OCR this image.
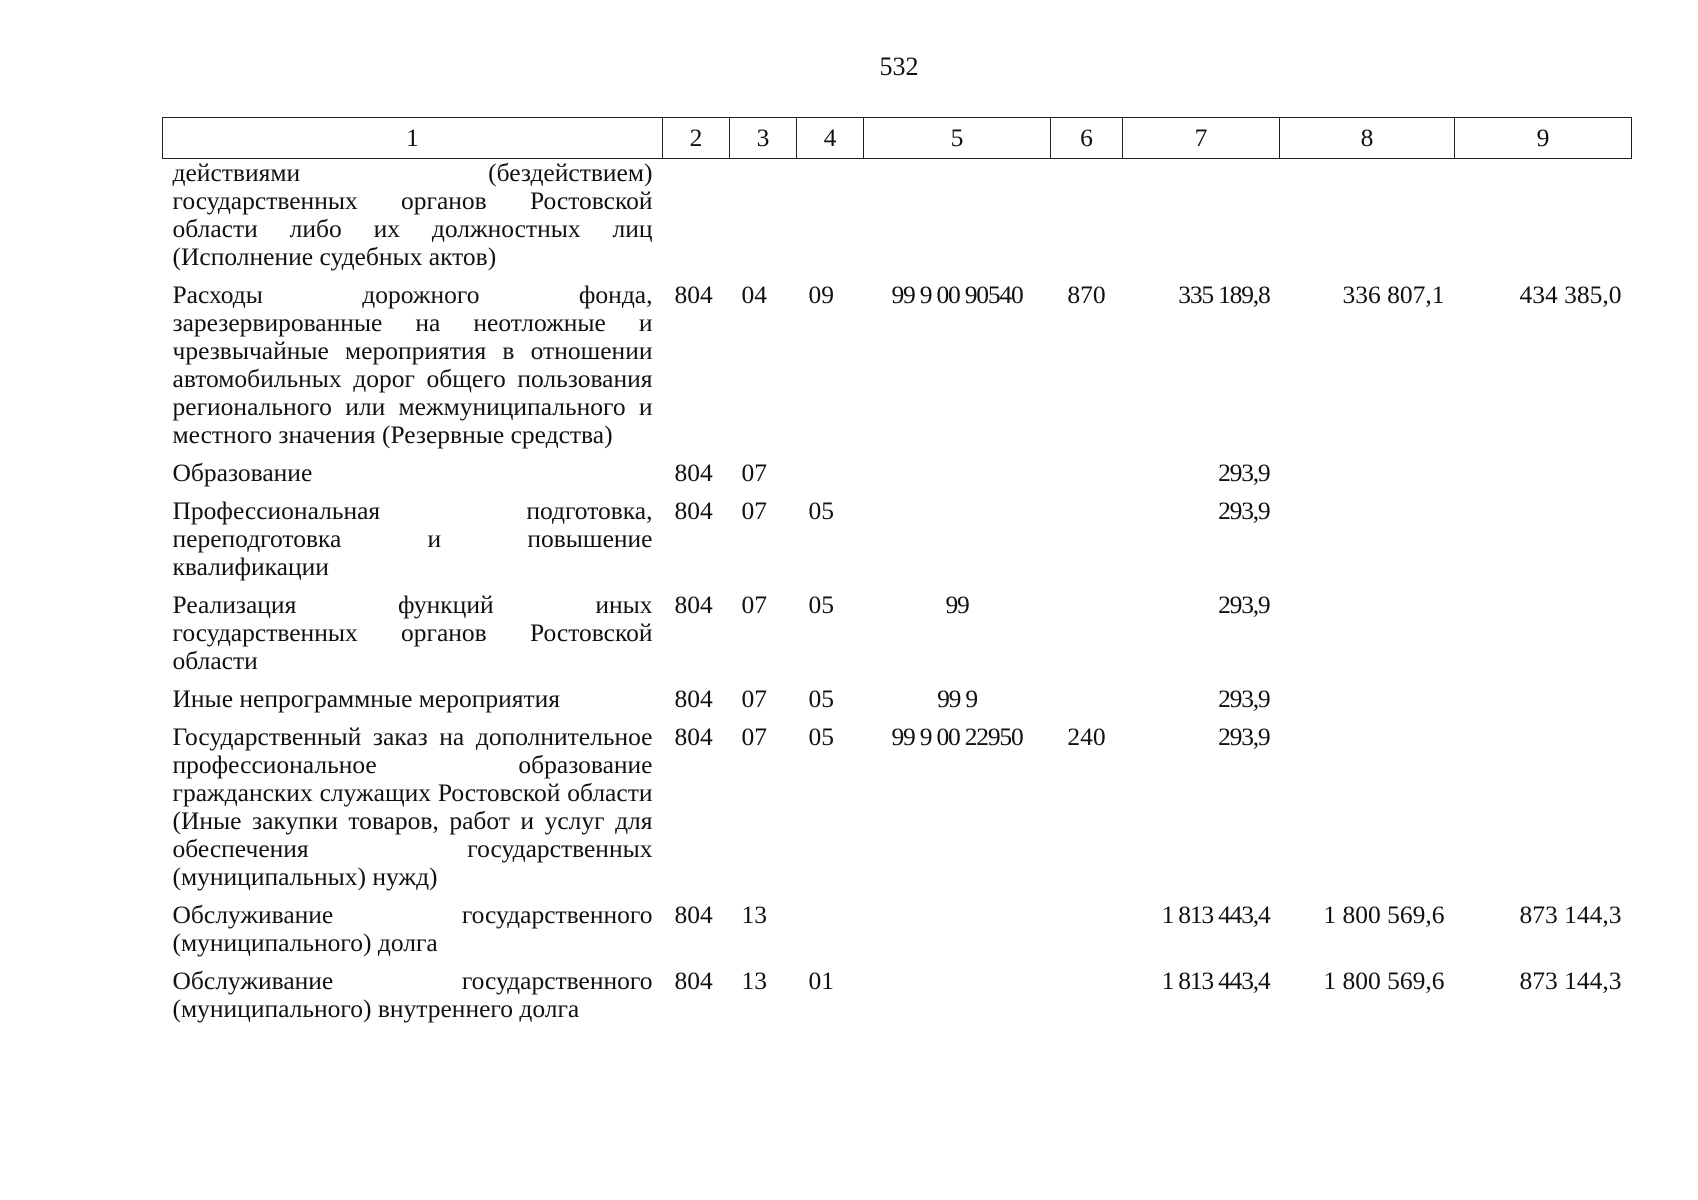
532
1	2	3	4	5	6	7	8	9
действиями (бездействием) государственных органов Ростовской области либо их должностных лиц (Исполнение судебных актов)								
Расходы дорожного фонда, зарезервированные на неотложные и чрезвычайные мероприятия в отношении автомобильных дорог общего пользования регионального или межмуниципального и местного значения (Резервные средства)	804	04	09	99 9 00 90540	870	335 189,8	336 807,1	434 385,0
Образование	804	07				293,9		
Профессиональная подготовка, переподготовка и повышение квалификации	804	07	05			293,9		
Реализация функций иных государственных органов Ростовской области	804	07	05	99		293,9		
Иные непрограммные мероприятия	804	07	05	99 9		293,9		
Государственный заказ на дополнительное профессиональное образование гражданских служащих Ростовской области (Иные закупки товаров, работ и услуг для обеспечения государственных (муниципальных) нужд)	804	07	05	99 9 00 22950	240	293,9		
Обслуживание государственного (муниципального) долга	804	13				1 813 443,4	1 800 569,6	873 144,3
Обслуживание государственного (муниципального) внутреннего долга	804	13	01			1 813 443,4	1 800 569,6	873 144,3
